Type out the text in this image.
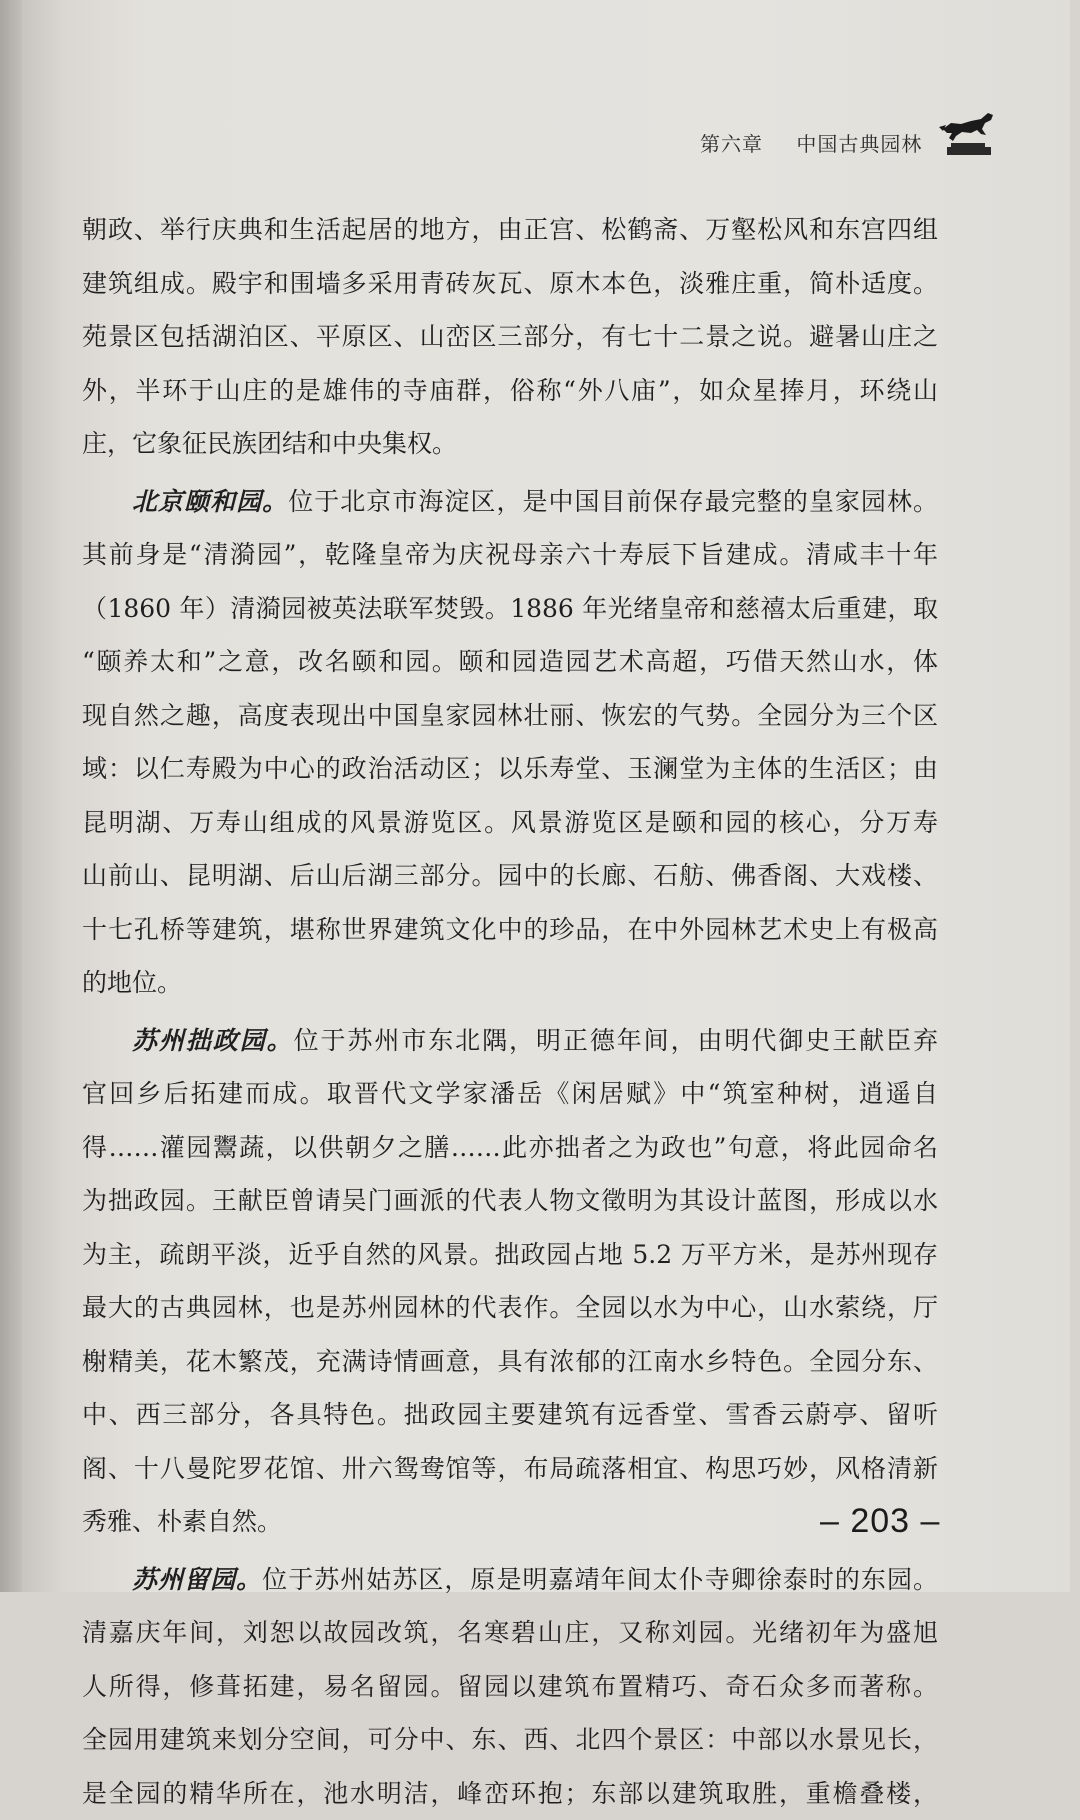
第六章 中国古典园林
朝政、举行庆典和生活起居的地方，由正宫、松鹤斋、万壑松风和东宫四组
建筑组成。殿宇和围墙多采用青砖灰瓦、原木本色，淡雅庄重，简朴适度。
苑景区包括湖泊区、平原区、山峦区三部分，有七十二景之说。避暑山庄之
外，半环于山庄的是雄伟的寺庙群，俗称“外八庙”，如众星捧月，环绕山
庄，它象征民族团结和中央集权。
北京颐和园。位于北京市海淀区，是中国目前保存最完整的皇家园林。
其前身是“清漪园”，乾隆皇帝为庆祝母亲六十寿辰下旨建成。清咸丰十年
（1860 年）清漪园被英法联军焚毁。1886 年光绪皇帝和慈禧太后重建，取
“颐养太和”之意，改名颐和园。颐和园造园艺术高超，巧借天然山水，体
现自然之趣，高度表现出中国皇家园林壮丽、恢宏的气势。全园分为三个区
域：以仁寿殿为中心的政治活动区；以乐寿堂、玉澜堂为主体的生活区；由
昆明湖、万寿山组成的风景游览区。风景游览区是颐和园的核心，分万寿
山前山、昆明湖、后山后湖三部分。园中的长廊、石舫、佛香阁、大戏楼、
十七孔桥等建筑，堪称世界建筑文化中的珍品，在中外园林艺术史上有极高
的地位。
苏州拙政园。位于苏州市东北隅，明正德年间，由明代御史王献臣弃
官回乡后拓建而成。取晋代文学家潘岳《闲居赋》中“筑室种树，逍遥自
得……灌园鬻蔬，以供朝夕之膳……此亦拙者之为政也”句意，将此园命名
为拙政园。王献臣曾请吴门画派的代表人物文徵明为其设计蓝图，形成以水
为主，疏朗平淡，近乎自然的风景。拙政园占地 5.2 万平方米，是苏州现存
最大的古典园林，也是苏州园林的代表作。全园以水为中心，山水萦绕，厅
榭精美，花木繁茂，充满诗情画意，具有浓郁的江南水乡特色。全园分东、
中、西三部分，各具特色。拙政园主要建筑有远香堂、雪香云蔚亭、留听
阁、十八曼陀罗花馆、卅六鸳鸯馆等，布局疏落相宜、构思巧妙，风格清新
秀雅、朴素自然。
苏州留园。位于苏州姑苏区，原是明嘉靖年间太仆寺卿徐泰时的东园。
清嘉庆年间，刘恕以故园改筑，名寒碧山庄，又称刘园。光绪初年为盛旭
人所得，修葺拓建，易名留园。留园以建筑布置精巧、奇石众多而著称。
全园用建筑来划分空间，可分中、东、西、北四个景区：中部以水景见长，
是全园的精华所在，池水明洁，峰峦环抱；东部以建筑取胜，重檐叠楼，
– 203 –
